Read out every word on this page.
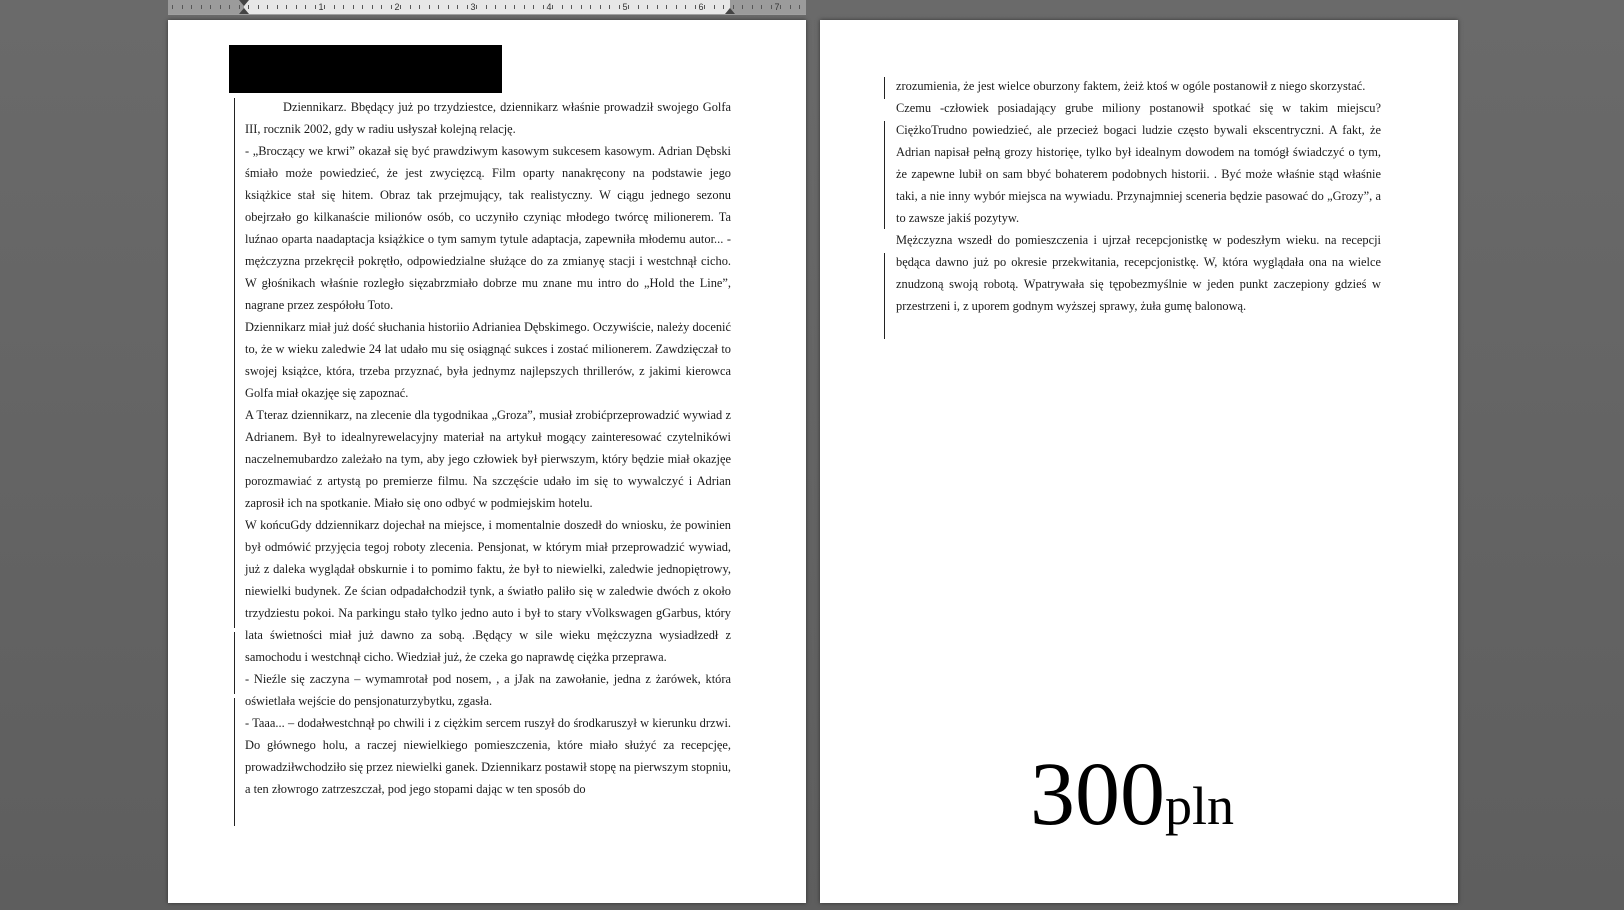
1	2	3	4	5	6	7

Dziennikarz. Bbędący już po trzydziestce, dziennikarz właśnie prowadził swojego Golfa III, rocznik 2002, gdy w radiu usłyszał kolejną relację.

- „Broczący we krwi” okazał się być prawdziwym kasowym sukcesem kasowym. Adrian Dębski śmiało może powiedzieć, że jest zwycięzcą. Film oparty nanakręcony na podstawie jego książkice stał się hitem. Obraz tak przejmujący, tak realistyczny. W ciągu jednego sezonu obejrzało go kilkanaście milionów osób, co uczyniło czyniąc młodego twórcę milionerem. Ta luźnao oparta naadaptacja książkice o tym samym tytule adaptacja, zapewniła młodemu autor... - mężczyzna przekręcił pokrętło, odpowiedzialne służące do za zmianyę stacji i westchnął cicho. W głośnikach właśnie rozległo sięzabrzmiało dobrze mu znane mu intro do „Hold the Line”, nagrane przez zespółołu Toto.

Dziennikarz miał już dość słuchania historiio Adrianiea Dębskimego. Oczywiście, należy docenić to, że w wieku zaledwie 24 lat udało mu się osiągnąć sukces i zostać milionerem. Zawdzięczał to swojej książce, która, trzeba przyznać, była jednymz najlepszych thrillerów, z jakimi kierowca Golfa miał okazjęe się zapoznać.

A Tteraz dziennikarz, na zlecenie dla tygodnikaa „Groza”, musiał zrobićprzeprowadzić wywiad z Adrianem. Był to idealnyrewelacyjny materiał na artykuł mogący zainteresować czytelnikówi naczelnemubardzo zależało na tym, aby jego człowiek był pierwszym, który będzie miał okazjęe porozmawiać z artystą po premierze filmu. Na szczęście udało im się to wywalczyć i Adrian zaprosił ich na spotkanie. Miało się ono odbyć w podmiejskim hotelu.

W końcuGdy ddziennikarz dojechał na miejsce, i momentalnie doszedł do wniosku, że powinien był odmówić przyjęcia tegoj roboty zlecenia. Pensjonat, w którym miał przeprowadzić wywiad, już z daleka wyglądał obskurnie i to pomimo faktu, że był to niewielki, zaledwie jednopiętrowy, niewielki budynek. Ze ścian odpadałchodził tynk, a światło paliło się w zaledwie dwóch z około trzydziestu pokoi. Na parkingu stało tylko jedno auto i był to stary vVolkswagen gGarbus, który lata świetności miał już dawno za sobą. .Będący w sile wieku mężczyzna wysiadłzedł z samochodu i westchnął cicho. Wiedział już, że czeka go naprawdę ciężka przeprawa.

- Nieźle się zaczyna – wymamrotał pod nosem, , a jJak na zawołanie, jedna z żarówek, która oświetlała wejście do pensjonaturzybytku, zgasła.

- Taaa... – dodałwestchnął po chwili i z ciężkim sercem ruszył do środkaruszył w kierunku drzwi. Do głównego holu, a raczej niewielkiego pomieszczenia, które miało służyć za recepcjęe, prowadziłwchodziło się przez niewielki ganek. Dziennikarz postawił stopę na pierwszym stopniu, a ten złowrogo zatrzeszczał, pod jego stopami dając w ten sposób do

zrozumienia, że jest wielce oburzony faktem, żeiż ktoś w ogóle postanowił z niego skorzystać.

Czemu -człowiek posiadający grube miliony postanowił spotkać się w takim miejscu? CiężkoTrudno powiedzieć, ale przecież bogaci ludzie często bywali ekscentryczni. A fakt, że Adrian napisał pełną grozy historięe, tylko był idealnym dowodem na tomógł świadczyć o tym, że zapewne lubił on sam bbyć bohaterem podobnych historii. . Być może właśnie stąd właśnie taki, a nie inny wybór miejsca na wywiadu. Przynajmniej sceneria będzie pasować do „Grozy”, a to zawsze jakiś pozytyw.

Mężczyzna wszedł do pomieszczenia i ujrzał recepcjonistkę w podeszłym wieku. na recepcji będąca dawno już po okresie przekwitania, recepcjonistkę. W, która wyglądała ona na wielce znudzoną swoją robotą. Wpatrywała się tępobezmyślnie w jeden punkt zaczepiony gdzieś w przestrzeni i, z uporem godnym wyższej sprawy, żuła gumę balonową.

300pln
